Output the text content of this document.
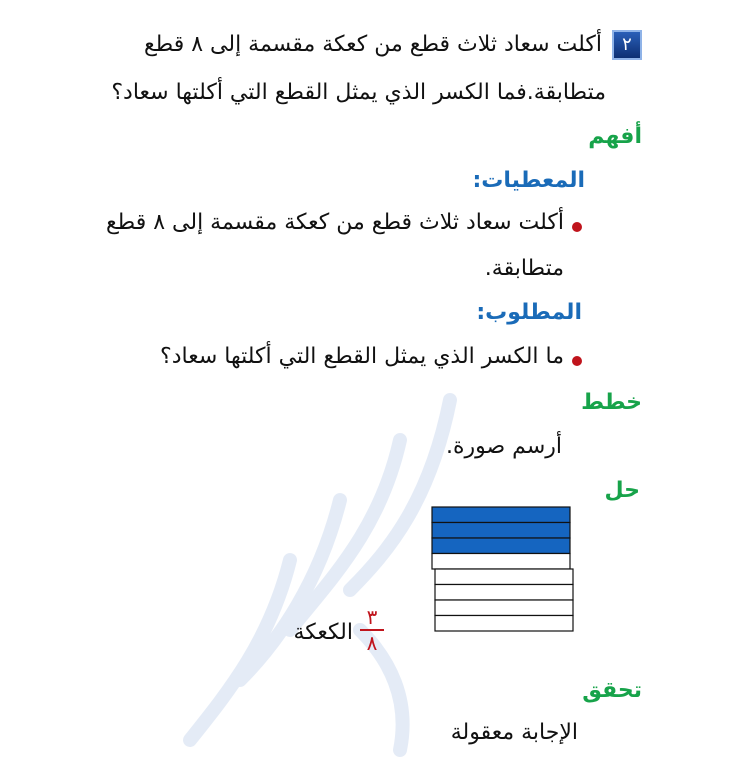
٢
أكلت سعاد ثلاث قطع من كعكة مقسمة إلى ٨ قطع
متطابقة.فما الكسر الذي يمثل القطع التي أكلتها سعاد؟
أفهم
المعطيات:
أكلت سعاد ثلاث قطع من كعكة مقسمة إلى ٨ قطع
متطابقة.
المطلوب:
ما الكسر الذي يمثل القطع التي أكلتها سعاد؟
خطط
أرسم صورة.
حل
٣
٨
الكعكة
تحقق
الإجابة معقولة
